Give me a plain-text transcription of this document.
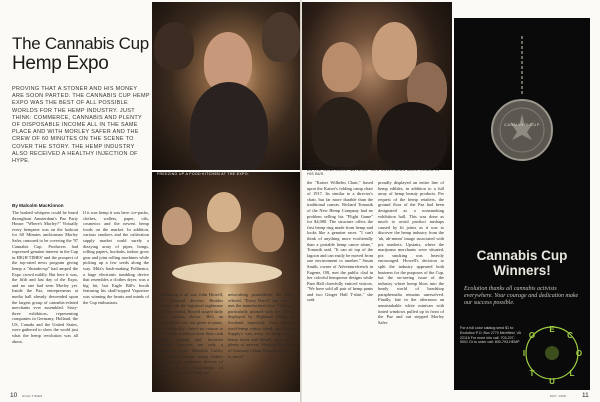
FREEZING UP A FOOD KITCHEN AT THE EXPO.
The Cannabis Cup
Hemp Expo
PROVING THAT A STONER AND HIS MONEY ARE SOON PARTED. THE CANNABIS CUP HEMP EXPO WAS THE BEST OF ALL POSSIBLE WORLDS FOR THE HEMP INDUSTRY. JUST THINK: COMMERCE, CANNABIS AND PLENTY OF DISPOSABLE INCOME ALL IN THE SAME PLACE AND WITH MORLEY SAFER AND THE CREW OF 60 MINUTES ON THE SCENE TO COVER THE STORY. THE HEMP INDUSTRY ALSO RECEIVED A HEALTHY INJECTION OF HYPE.
By Malcolm MacKinnon
The hushed whispers could be heard throughout Amsterdam's Paz Party House: "Where's Morley?" Virtually every hempster was on the lookout for 60 Minutes anchorman Morley Safer, rumored to be covering the '97 Cannabis Cup. Producers had expressed genuine interest in the Cup in HIGH TIMES' and the prospect of the top-rated news program giving hemp a "thumbs-up" had amped the Expo crowd mildly. But here it was, the fifth and last day of the Expo, and no one had seen Morley yet. Inside the Paz, entrepreneurs at media hall already descended upon the largest group of cannabis-related merchants ever assembled. Sixty-three exhibitors, representing companies in Germany, Holland, the US, Canada and the United States, were gathered to show the world just what the hemp revolution was all about.
If it was hemp it was here: ice-packs, clothes, wallets, paper, oils, cosmetics and the newest hemp foods on the market. In addition, various smokers and the cultivation supply market could surely a dizzying array of pipes, bongs, rolling papers, hookahs, indoor grow gear and joint rolling machines while picking up a few seeds along the way. Mila's hash-making Pollinator, a large electronic tumbling device that resembles a clothes dryer, was a big hit, but Eagle Bill's booth featuring his skull-topped Vaporizer was winning the hearts and minds of the Cup enthusiasts.
Dominating it all was John Howell, HT's editorial director. Besides dealing with the logistical nightmare the Expo posed, Howell staged daily hemp fashion shows. He's an irreplaceable sort, not given to panic, but realistically, there's no reason to panic when exhibitors hear their cash register ringing and lucrative business contracts are only a handshake away. Meredith Cutler, who designs unique hemp clothes and exquisite swimmer dresses of hemp silk for Chautauqua of Toronto, was thrilled with the
networking possibilities the Expo offered. "Every Dutch" she said. "I met the manufacturer here." She was particularly pleased with the fabrics displayed by Highland Hemp of Scotland especially their sample wool-hemp cotton blend, and Hemp Supply's vast array of hemp yarns, hemp twine and blends, plus found plenty of interest. Matthias Brockers of Germany's Hanf Haus was pleased to unveil
MORLEY SAFER COVERED BUSINESS AT THE STARTERS TO CONVENTION FOR 60 MINUTES; MAYBE WE'LL SEE ON TV. WORDS AS THE SEND MORE 'NATURAL' MEN NOWS BEAN MARE HENED IN HIS BUS.
the "Kaiser Wilhelm Chair," based upon the Kaiser's folding camp chair of 1917. Its similar to a director's chair, but far more durable than the traditional canvas. Richard Tomasik of the New Hemp Company had no problem selling his "Flight Game" for $4,000. The structure offers the first hemp ring made from hemp and looks like a genuine racer. "I can't think of anything more ecofriendly than a portable hemp canoe alone," Tomasik said. "It can sit top of the lagoon and can easily be moved from one environment to another." Susan Smith, owner of Adventurefrench in Eugene, OR, met the public clad in her colorful hempwear designs while Pam Hall cheerfully enticed visitors. "We have sold all pair of hemp pants and two Ginger Hall T-shirt," she said.
proudly displayed an entire line of hemp edibles, in addition to a full array of hemp beauty products. Per request of the hemp retailers, the ground floor of the Paz had been designated as a nonsmoking exhibition hall. This was done as much to avoid product mishaps caused by lit joints as it was to discover the hemp industry from the 'uh, uh-mmm' image associated with pot smokers. Upstairs, where the marijuana merchants were situated, pot smoking was heavily encouraged. Howell's decision to split the industry appeared both business for the purposes of the Cup, but the on-seeing issue of the industry where hemp blurs into the heady world of headshop paraphernalia remains unresolved. Finally, late in the afternoon an unmistakable white minivan with tinted windows pulled up in front of the Paz and out stepped Morley Safer.
CANNABIS CUP
Cannabis Cup Winners!
Ecolution thanks all cannabis activists everywhere. Your courage and dedication make our success possible.
For a full color catalog send $1 to: Ecolution P.O. Box 2770 Merrifield, VA 22116 For more info call: 703-207-9001 Or to order call: 800-793-HEMP
E
C
O
L
U
T
I
O
10 HIGH TIMES	MAY 1998 11
